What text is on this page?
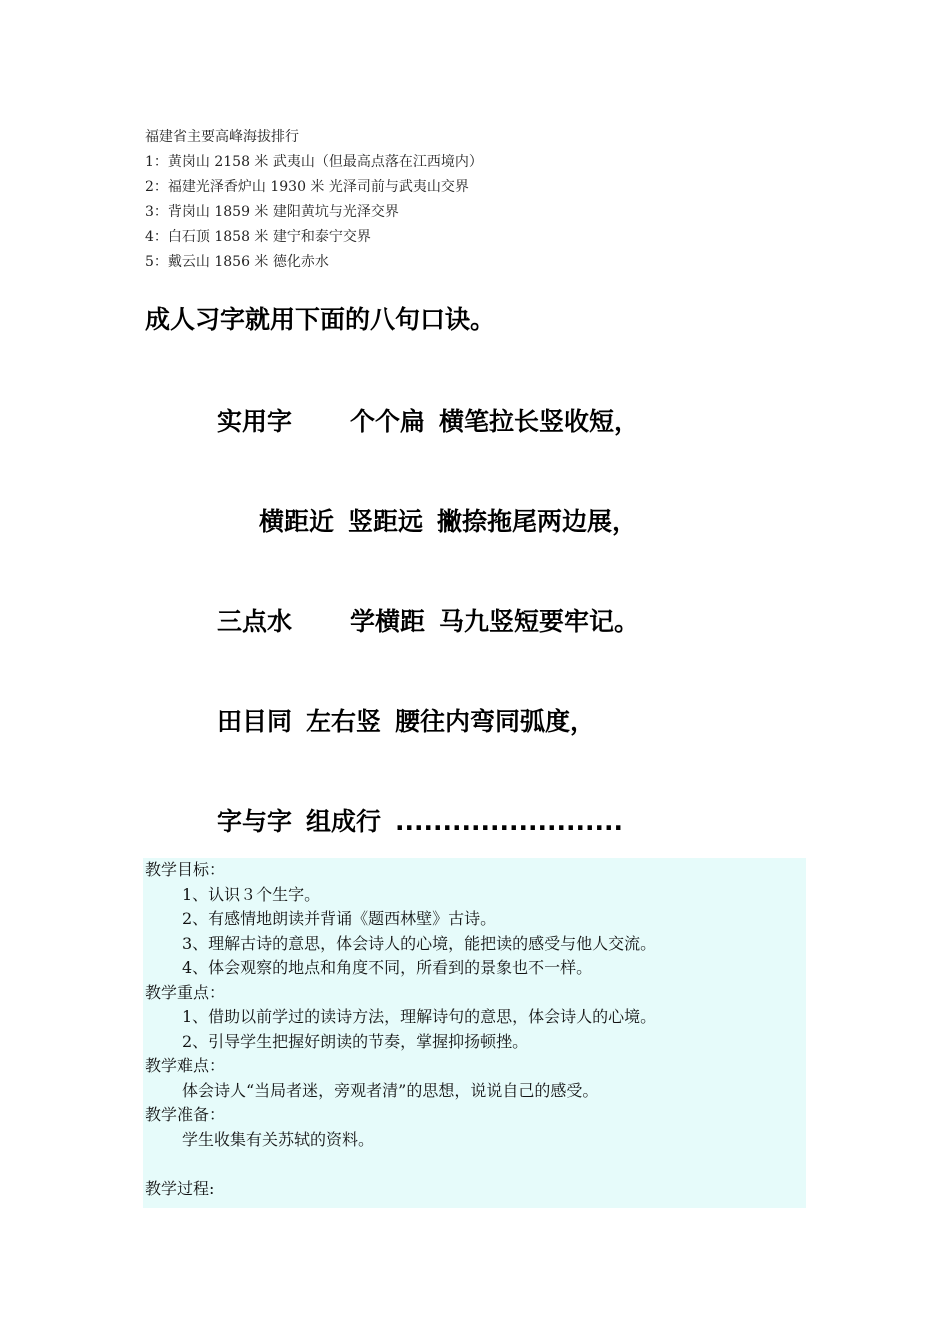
福建省主要高峰海拔排行
1：黄岗山 2158 米 武夷山（但最高点落在江西境内）
2：福建光泽香炉山 1930 米 光泽司前与武夷山交界
3：背岗山 1859 米 建阳黄坑与光泽交界
4：白石顶 1858 米 建宁和泰宁交界
5：戴云山 1856 米 德化赤水
成人习字就用下面的八句口诀。
实用字 个个扁 横笔拉长竖收短，
横距近 竖距远 撇捺拖尾两边展，
三点水 学横距 马九竖短要牢记。
田目同 左右竖 腰往内弯同弧度，
字与字 组成行 ........................
教学目标：
1、认识３个生字。
2、有感情地朗读并背诵《题西林壁》古诗。
3、理解古诗的意思，体会诗人的心境，能把读的感受与他人交流。
4、体会观察的地点和角度不同，所看到的景象也不一样。
教学重点：
1、借助以前学过的读诗方法，理解诗句的意思，体会诗人的心境。
2、引导学生把握好朗读的节奏，掌握抑扬顿挫。
教学难点：
体会诗人“当局者迷，旁观者清”的思想，说说自己的感受。
教学准备：
学生收集有关苏轼的资料。
教学过程:
